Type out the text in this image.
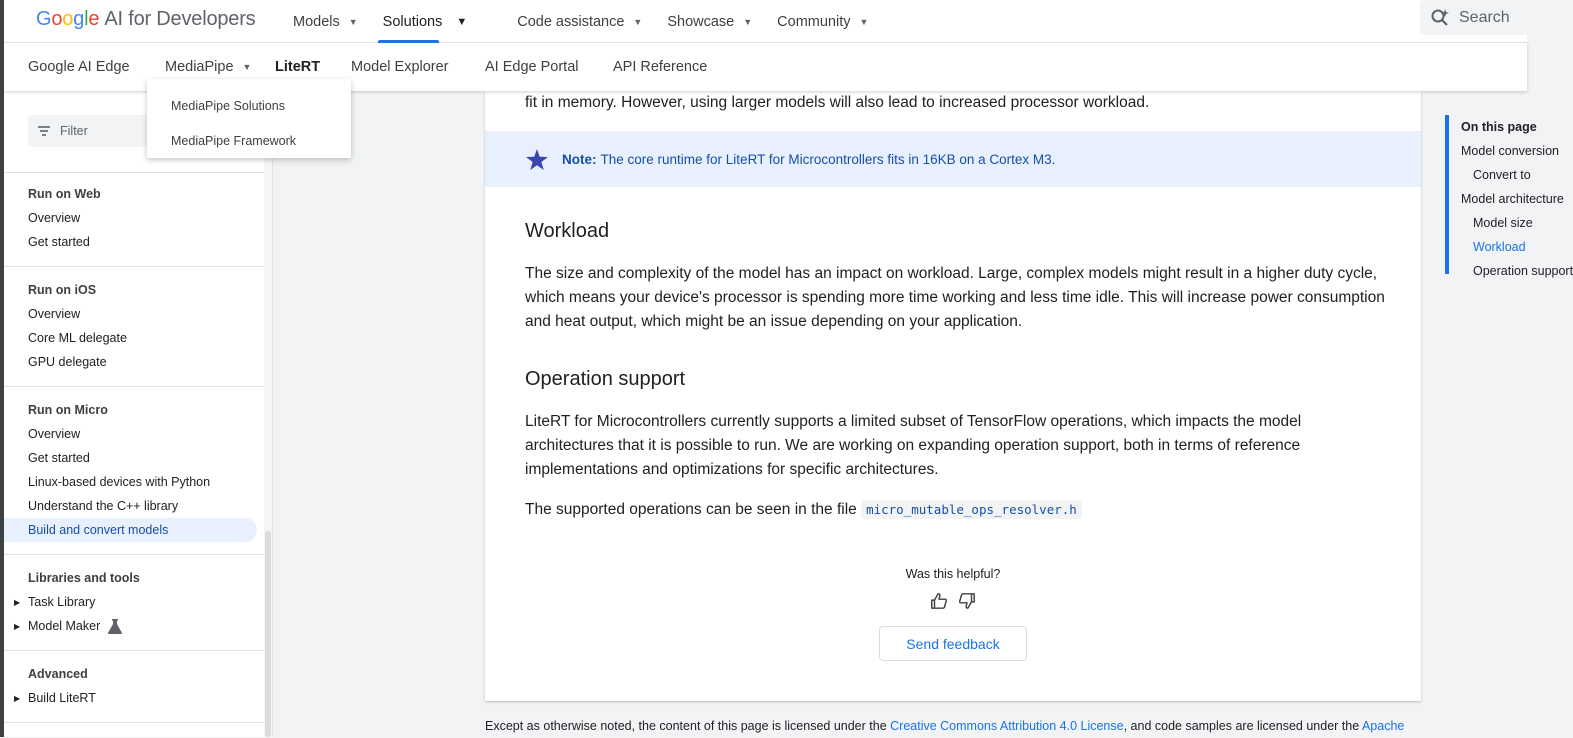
Google AI for Developers	Models ▼ Solutions ▼	Code assistance ▼ Showcase ▼ Community ▼	Search
Google AI Edge MediaPipe ▼ LiteRT Model Explorer	AI Edge Portal API Reference
MediaPipe Solutions
MediaPipe Framework
Filter
Run on Web
Overview
Get started
Run on iOS
Overview
Core ML delegate
GPU delegate
Run on Micro
Overview
Get started
Linux-based devices with Python
Understand the C++ library
Build and convert models
Libraries and tools
▶ Task Library
▶ Model Maker
Advanced
▶ Build LiteRT

fit in memory. However, using larger models will also lead to increased processor workload.

Note: The core runtime for LiteRT for Microcontrollers fits in 16KB on a Cortex M3.
Workload

The size and complexity of the model has an impact on workload. Large, complex models might result in a higher duty cycle, which means your device's processor is spending more time working and less time idle. This will increase power consumption and heat output, which might be an issue depending on your application.

Operation support

LiteRT for Microcontrollers currently supports a limited subset of TensorFlow operations, which impacts the model architectures that it is possible to run. We are working on expanding operation support, both in terms of reference implementations and optimizations for specific architectures.

The supported operations can be seen in the file micro_mutable_ops_resolver.h

Was this helpful?
Send feedback
Except as otherwise noted, the content of this page is licensed under the Creative Commons Attribution 4.0 License, and code samples are licensed under the Apache
On this page
Model conversion
Convert to
Model architecture
Model size
Workload
Operation support
